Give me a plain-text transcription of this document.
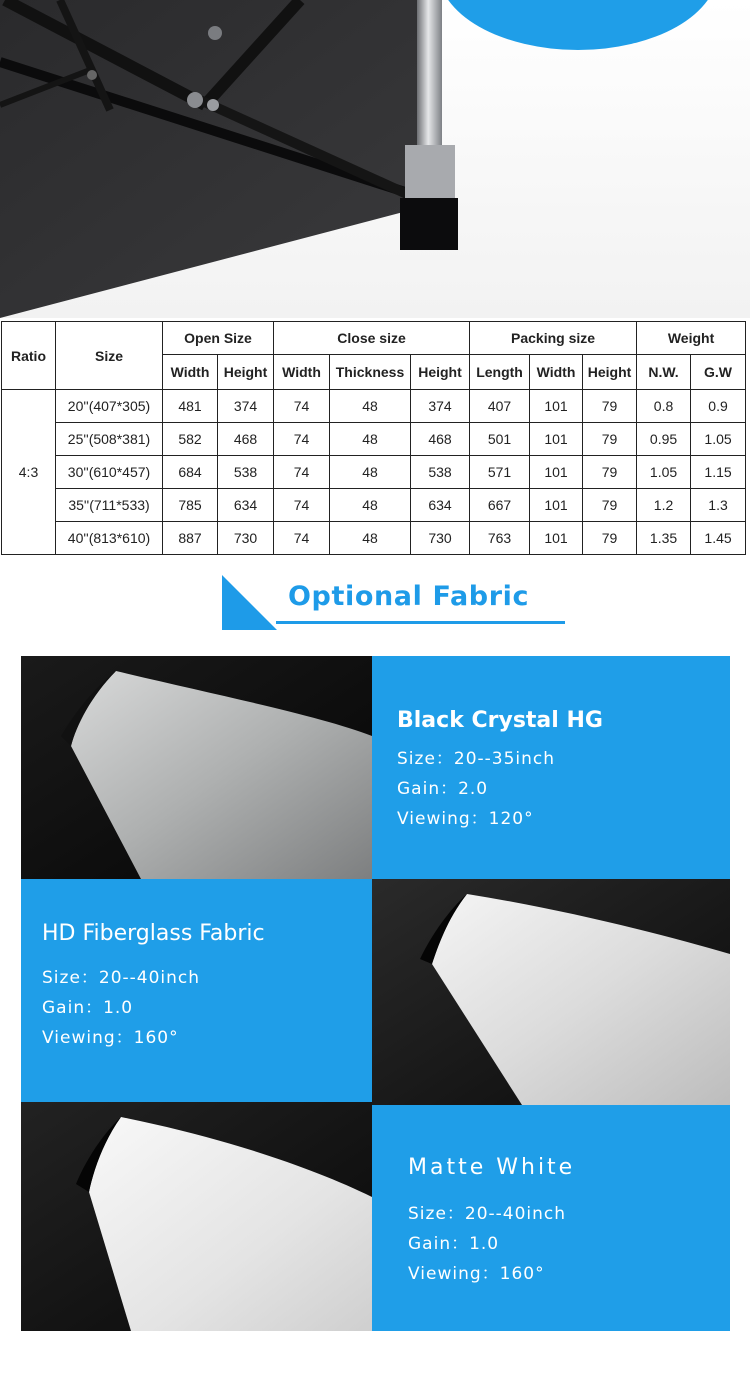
Ratio	Size	Open Size		Close size			Packing size			Weight	
		Width	Height	Width	Thickness	Height	Length	Width	Height	N.W.	G.W
4:3	20''(407*305)	481	374	74	48	374	407	101	79	0.8	0.9
	25''(508*381)	582	468	74	48	468	501	101	79	0.95	1.05
	30''(610*457)	684	538	74	48	538	571	101	79	1.05	1.15
	35''(711*533)	785	634	74	48	634	667	101	79	1.2	1.3
	40''(813*610)	887	730	74	48	730	763	101	79	1.35	1.45
Optional Fabric
Black Crystal HG
Size：20--35inch
Gain：2.0
Viewing：120°
HD Fiberglass Fabric
Size：20--40inch
Gain：1.0
Viewing：160°
Matte White
Size：20--40inch
Gain：1.0
Viewing：160°
